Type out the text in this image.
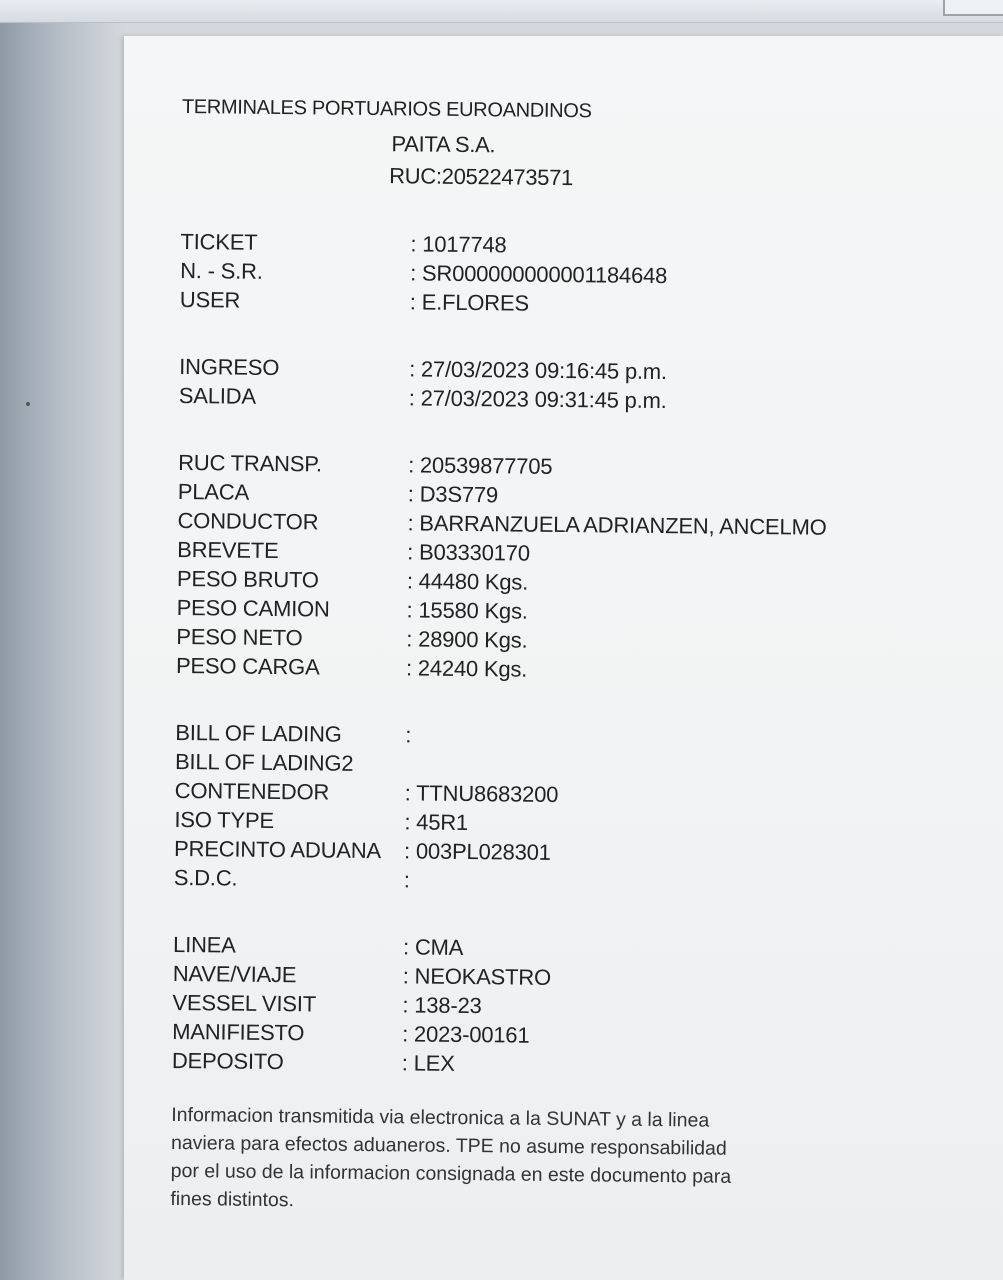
TERMINALES PORTUARIOS EUROANDINOS
PAITA S.A.
RUC:20522473571
TICKET	: 1017748
N. - S.R.	: SR000000000001184648
USER	: E.FLORES
INGRESO	: 27/03/2023 09:16:45 p.m.
SALIDA	: 27/03/2023 09:31:45 p.m.
RUC TRANSP.	: 20539877705
PLACA	: D3S779
CONDUCTOR	: BARRANZUELA ADRIANZEN, ANCELMO
BREVETE	: B03330170
PESO BRUTO	: 44480 Kgs.
PESO CAMION	: 15580 Kgs.
PESO NETO	: 28900 Kgs.
PESO CARGA	: 24240 Kgs.
BILL OF LADING	:
BILL OF LADING2
CONTENEDOR	: TTNU8683200
ISO TYPE	: 45R1
PRECINTO ADUANA	: 003PL028301
S.D.C.	:
LINEA	: CMA
NAVE/VIAJE	: NEOKASTRO
VESSEL VISIT	: 138-23
MANIFIESTO	: 2023-00161
DEPOSITO	: LEX
Informacion transmitida via electronica a la SUNAT y a la linea naviera para efectos aduaneros. TPE no asume responsabilidad por el uso de la informacion consignada en este documento para fines distintos.
